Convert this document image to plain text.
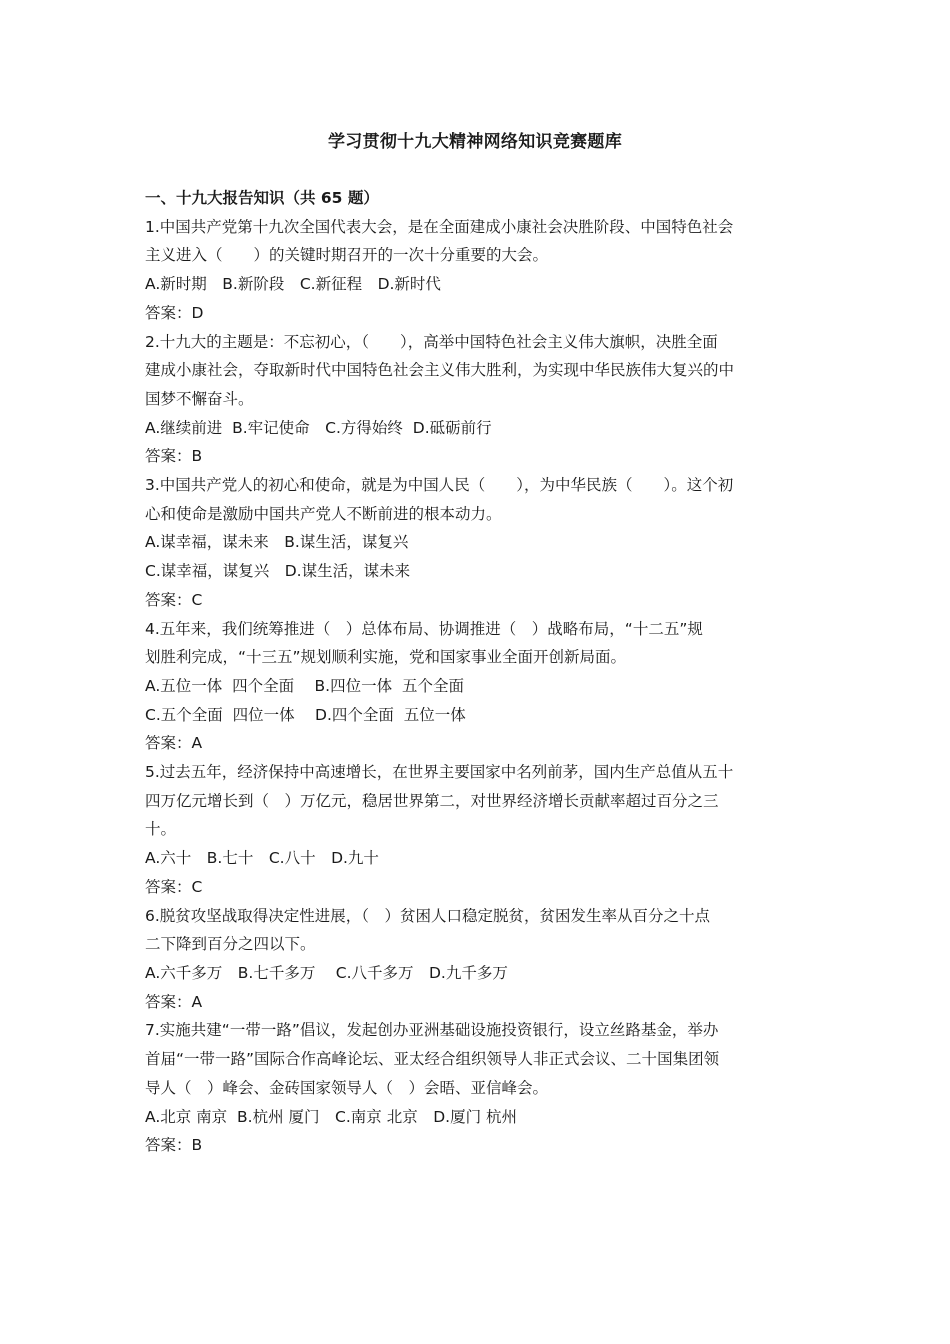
学习贯彻十九大精神网络知识竞赛题库
一、十九大报告知识（共 65 题）
1.中国共产党第十九次全国代表大会，是在全面建成小康社会决胜阶段、中国特色社会
主义进入（　　）的关键时期召开的一次十分重要的大会。
A.新时期　B.新阶段　C.新征程　D.新时代
答案：D
2.十九大的主题是：不忘初心，（　　），高举中国特色社会主义伟大旗帜，决胜全面
建成小康社会，夺取新时代中国特色社会主义伟大胜利，为实现中华民族伟大复兴的中
国梦不懈奋斗。
A.继续前进  B.牢记使命　C.方得始终  D.砥砺前行
答案：B
3.中国共产党人的初心和使命，就是为中国人民（　　），为中华民族（　　）。这个初
心和使命是激励中国共产党人不断前进的根本动力。
A.谋幸福，谋未来　B.谋生活，谋复兴
C.谋幸福，谋复兴　D.谋生活，谋未来
答案：C
4.五年来，我们统筹推进（　）总体布局、协调推进（　）战略布局，“十二五”规
划胜利完成，“十三五”规划顺利实施，党和国家事业全面开创新局面。
A.五位一体  四个全面　 B.四位一体  五个全面
C.五个全面  四位一体　 D.四个全面  五位一体
答案：A
5.过去五年，经济保持中高速增长，在世界主要国家中名列前茅，国内生产总值从五十
四万亿元增长到（　）万亿元，稳居世界第二，对世界经济增长贡献率超过百分之三
十。
A.六十　B.七十　C.八十　D.九十
答案：C
6.脱贫攻坚战取得决定性进展，（　）贫困人口稳定脱贫，贫困发生率从百分之十点
二下降到百分之四以下。
A.六千多万　B.七千多万　 C.八千多万　D.九千多万
答案：A
7.实施共建“一带一路”倡议，发起创办亚洲基础设施投资银行，设立丝路基金，举办
首届“一带一路”国际合作高峰论坛、亚太经合组织领导人非正式会议、二十国集团领
导人（　）峰会、金砖国家领导人（　）会晤、亚信峰会。
A.北京 南京  B.杭州 厦门　C.南京 北京　D.厦门 杭州
答案：B
